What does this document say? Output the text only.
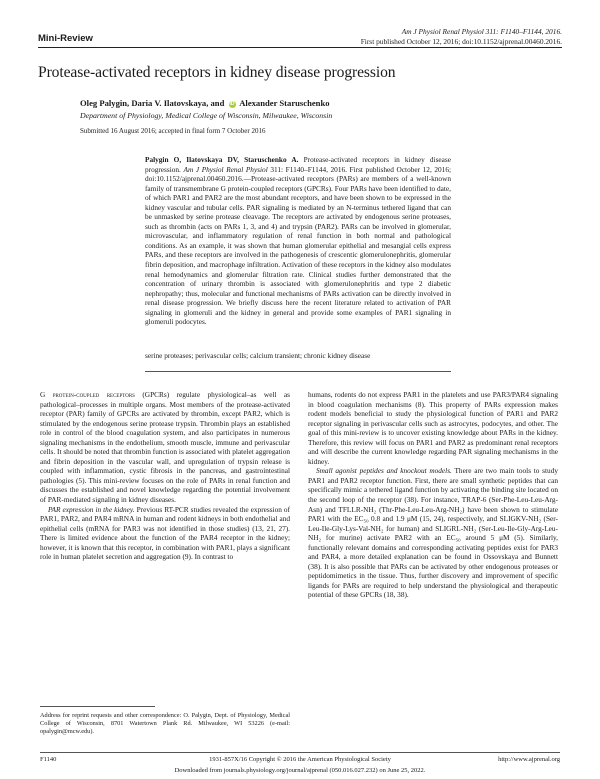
Mini-Review
Am J Physiol Renal Physiol 311: F1140–F1144, 2016.
First published October 12, 2016; doi:10.1152/ajprenal.00460.2016.
Protease-activated receptors in kidney disease progression
Oleg Palygin, Daria V. Ilatovskaya, and iD Alexander Staruschenko
Department of Physiology, Medical College of Wisconsin, Milwaukee, Wisconsin
Submitted 16 August 2016; accepted in final form 7 October 2016
Palygin O, Ilatovskaya DV, Staruschenko A. Protease-activated receptors in kidney disease progression. Am J Physiol Renal Physiol 311: F1140–F1144, 2016. First published October 12, 2016; doi:10.1152/ajprenal.00460.2016.—Protease-activated receptors (PARs) are members of a well-known family of transmembrane G protein-coupled receptors (GPCRs). Four PARs have been identified to date, of which PAR1 and PAR2 are the most abundant receptors, and have been shown to be expressed in the kidney vascular and tubular cells. PAR signaling is mediated by an N-terminus tethered ligand that can be unmasked by serine protease cleavage. The receptors are activated by endogenous serine proteases, such as thrombin (acts on PARs 1, 3, and 4) and trypsin (PAR2). PARs can be involved in glomerular, microvascular, and inflammatory regulation of renal function in both normal and pathological conditions. As an example, it was shown that human glomerular epithelial and mesangial cells express PARs, and these receptors are involved in the pathogenesis of crescentic glomerulonephritis, glomerular fibrin deposition, and macrophage infiltration. Activation of these receptors in the kidney also modulates renal hemodynamics and glomerular filtration rate. Clinical studies further demonstrated that the concentration of urinary thrombin is associated with glomerulonephritis and type 2 diabetic nephropathy; thus, molecular and functional mechanisms of PARs activation can be directly involved in renal disease progression. We briefly discuss here the recent literature related to activation of PAR signaling in glomeruli and the kidney in general and provide some examples of PAR1 signaling in glomeruli podocytes.
serine proteases; perivascular cells; calcium transient; chronic kidney disease

G protein-coupled receptors (GPCRs) regulate physiological–as well as pathological–processes in multiple organs. Most members of the protease-activated receptor (PAR) family of GPCRs are activated by thrombin, except PAR2, which is stimulated by the endogenous serine protease trypsin. Thrombin plays an established role in control of the blood coagulation system, and also participates in numerous signaling mechanisms in the endothelium, smooth muscle, immune and perivascular cells. It should be noted that thrombin function is associated with platelet aggregation and fibrin deposition in the vascular wall, and upregulation of trypsin release is coupled with inflammation, cystic fibrosis in the pancreas, and gastrointestinal pathologies (5). This mini-review focuses on the role of PARs in renal function and discusses the established and novel knowledge regarding the potential involvement of PAR-mediated signaling in kidney diseases.

PAR expression in the kidney. Previous RT-PCR studies revealed the expression of PAR1, PAR2, and PAR4 mRNA in human and rodent kidneys in both endothelial and epithelial cells (mRNA for PAR3 was not identified in those studies) (13, 21, 27). There is limited evidence about the function of the PAR4 receptor in the kidney; however, it is known that this receptor, in combination with PAR1, plays a significant role in human platelet secretion and aggregation (9). In contrast to

humans, rodents do not express PAR1 in the platelets and use PAR3/PAR4 signaling in blood coagulation mechanisms (8). This property of PARs expression makes rodent models beneficial to study the physiological function of PAR1 and PAR2 receptor signaling in perivascular cells such as astrocytes, podocytes, and other. The goal of this mini-review is to uncover existing knowledge about PARs in the kidney. Therefore, this review will focus on PAR1 and PAR2 as predominant renal receptors and will describe the current knowledge regarding PAR signaling mechanisms in the kidney.

Small agonist peptides and knockout models. There are two main tools to study PAR1 and PAR2 receptor function. First, there are small synthetic peptides that can specifically mimic a tethered ligand function by activating the binding site located on the second loop of the receptor (38). For instance, TRAP-6 (Ser-Phe-Leu-Leu-Arg-Asn) and TFLLR-NH₂ (Thr-Phe-Leu-Leu-Arg-NH₂) have been shown to stimulate PAR1 with the EC₅₀ 0.8 and 1.9 μM (15, 24), respectively, and SLIGKV-NH₂ (Ser-Leu-Ile-Gly-Lys-Val-NH₂ for human) and SLIGRL-NH₂ (Ser-Leu-Ile-Gly-Arg-Leu-NH₂ for murine) activate PAR2 with an EC₅₀ around 5 μM (5). Similarly, functionally relevant domains and corresponding activating peptides exist for PAR3 and PAR4, a more detailed explanation can be found in Ossovskaya and Bunnett (38). It is also possible that PARs can be activated by other endogenous proteases or peptidomimetics in the tissue. Thus, further discovery and improvement of specific ligands for PARs are required to help understand the physiological and therapeutic potential of these GPCRs (18, 38).

Address for reprint requests and other correspondence: O. Palygin, Dept. of Physiology, Medical College of Wisconsin, 8701 Watertown Plank Rd. Milwaukee, WI 53226 (e-mail: opalygin@mcw.edu).
F1140	1931-857X/16 Copyright © 2016 the American Physiological Society	http://www.ajprenal.org
Downloaded from journals.physiology.org/journal/ajprenal (050.016.027.232) on June 25, 2022.
